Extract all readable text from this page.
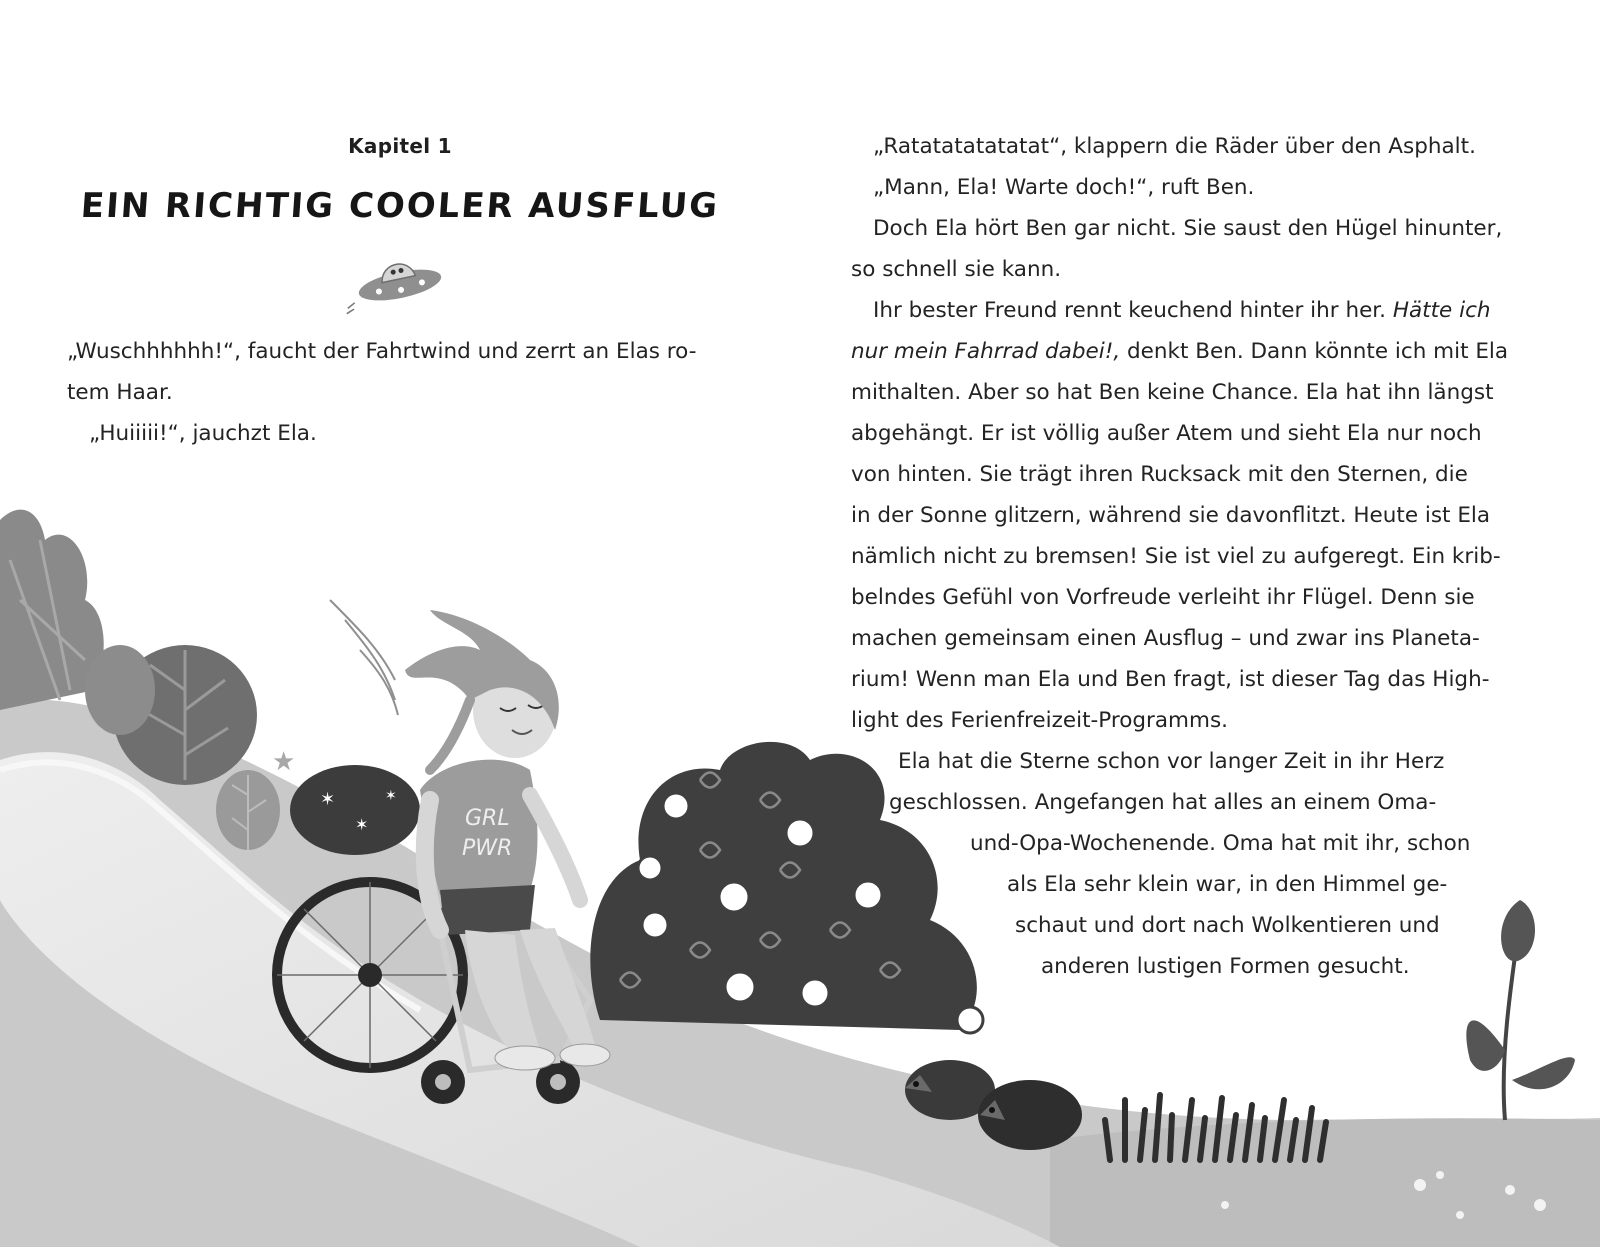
✶
✶
✶
★
GRL
PWR
Kapitel 1
EIN RICHTIG COOLER AUSFLUG
„Wuschhhhhh!“, faucht der Fahrtwind und zerrt an Elas ro-
tem Haar.
„Huiiiii!“, jauchzt Ela.
„Ratatatatatatat“, klappern die Räder über den Asphalt.
„Mann, Ela! Warte doch!“, ruft Ben.
Doch Ela hört Ben gar nicht. Sie saust den Hügel hinunter,
so schnell sie kann.
Ihr bester Freund rennt keuchend hinter ihr her. Hätte ich
nur mein Fahrrad dabei!, denkt Ben. Dann könnte ich mit Ela
mithalten. Aber so hat Ben keine Chance. Ela hat ihn längst
abgehängt. Er ist völlig außer Atem und sieht Ela nur noch
von hinten. Sie trägt ihren Rucksack mit den Sternen, die
in der Sonne glitzern, während sie davonflitzt. Heute ist Ela
nämlich nicht zu bremsen! Sie ist viel zu aufgeregt. Ein krib-
belndes Gefühl von Vorfreude verleiht ihr Flügel. Denn sie
machen gemeinsam einen Ausflug – und zwar ins Planeta-
rium! Wenn man Ela und Ben fragt, ist dieser Tag das High-
light des Ferienfreizeit-Programms.
Ela hat die Sterne schon vor langer Zeit in ihr Herz
geschlossen. Angefangen hat alles an einem Oma-
und-Opa-Wochenende. Oma hat mit ihr, schon
als Ela sehr klein war, in den Himmel ge-
schaut und dort nach Wolkentieren und
anderen lustigen Formen gesucht.
